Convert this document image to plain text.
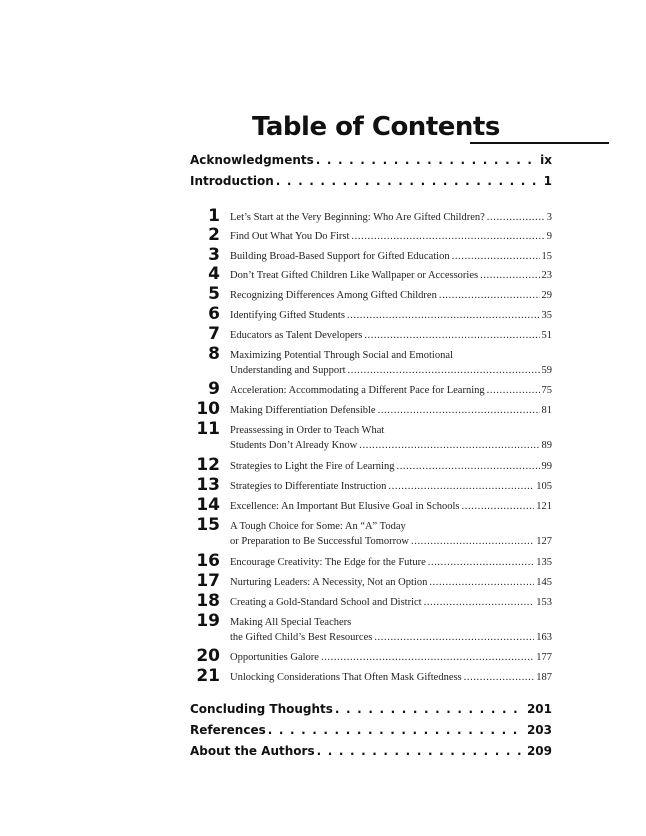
Table of Contents
Acknowledgments . . .	ix
Introduction . . .	1
1 Let’s Start at the Very Beginning: Who Are Gifted Children? .....	3
2 Find Out What You Do First .....	9
3 Building Broad-Based Support for Gifted Education .....	15
4 Don’t Treat Gifted Children Like Wallpaper or Accessories .....	23
5 Recognizing Differences Among Gifted Children .....	29
6 Identifying Gifted Students .....	35
7 Educators as Talent Developers .....	51
8 Maximizing Potential Through Social and Emotional
Understanding and Support .....	59
9 Acceleration: Accommodating a Different Pace for Learning .....	75
10 Making Differentiation Defensible .....	81
11 Preassessing in Order to Teach What
Students Don’t Already Know .....	89
12 Strategies to Light the Fire of Learning .....	99
13 Strategies to Differentiate Instruction .....	105
14 Excellence: An Important But Elusive Goal in Schools .....	121
15 A Tough Choice for Some: An “A” Today
or Preparation to Be Successful Tomorrow .....	127
16 Encourage Creativity: The Edge for the Future .....	135
17 Nurturing Leaders: A Necessity, Not an Option .....	145
18 Creating a Gold-Standard School and District .....	153
19 Making All Special Teachers
the Gifted Child’s Best Resources .....	163
20 Opportunities Galore .....	177
21 Unlocking Considerations That Often Mask Giftedness .....	187
Concluding Thoughts . . .	201
References . . .	203
About the Authors . . .	209
